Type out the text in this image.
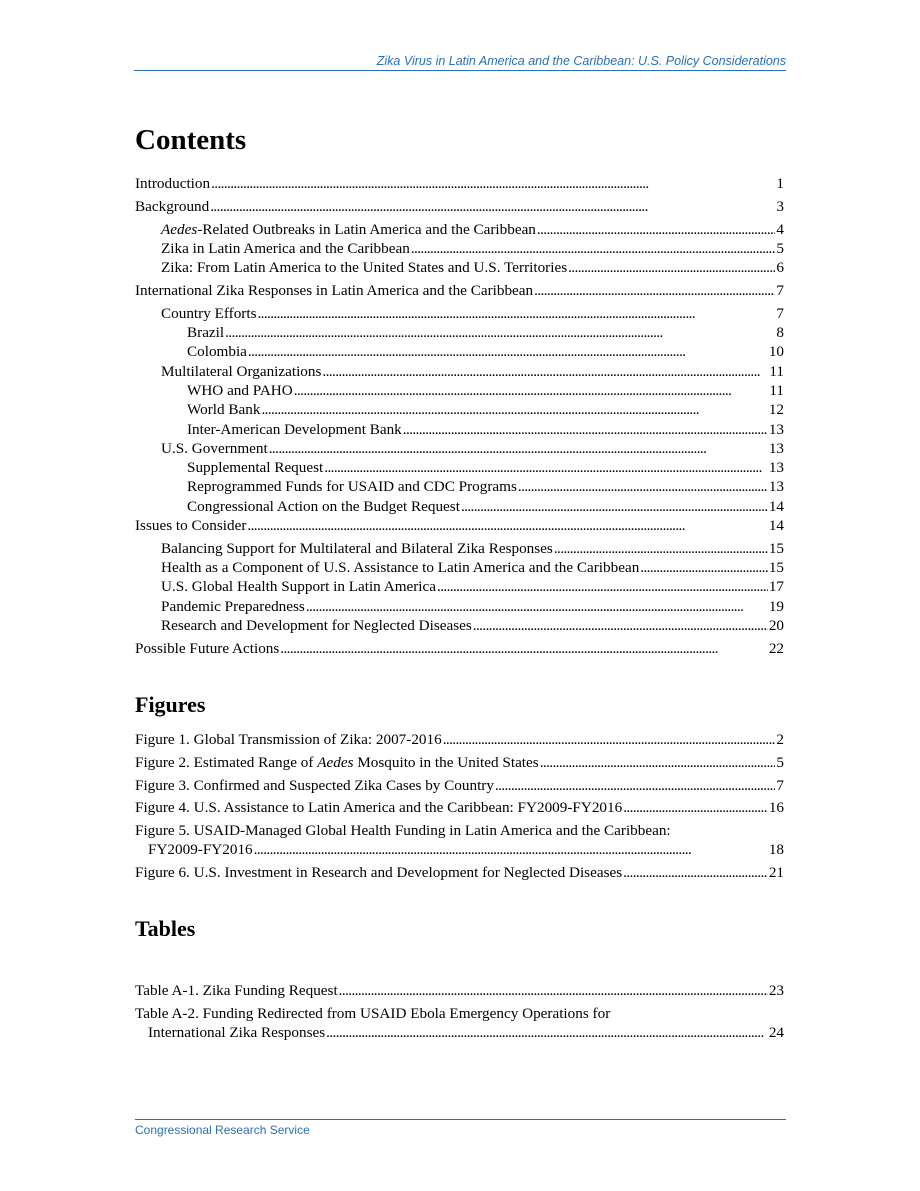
Zika Virus in Latin America and the Caribbean: U.S. Policy Considerations
Contents
Introduction . . .	1
Background . . .	3
Aedes-Related Outbreaks in Latin America and the Caribbean . . .	4
Zika in Latin America and the Caribbean . . .	5
Zika: From Latin America to the United States and U.S. Territories . . .	6
International Zika Responses in Latin America and the Caribbean . . .	7
Country Efforts . . .	7
Brazil . . .	8
Colombia . . .	10
Multilateral Organizations . . .	11
WHO and PAHO . . .	11
World Bank . . .	12
Inter-American Development Bank . . .	13
U.S. Government . . .	13
Supplemental Request . . .	13
Reprogrammed Funds for USAID and CDC Programs . . .	13
Congressional Action on the Budget Request . . .	14
Issues to Consider . . .	14
Balancing Support for Multilateral and Bilateral Zika Responses . . .	15
Health as a Component of U.S. Assistance to Latin America and the Caribbean . . .	15
U.S. Global Health Support in Latin America . . .	17
Pandemic Preparedness . . .	19
Research and Development for Neglected Diseases . . .	20
Possible Future Actions . . .	22
Figures
Figure 1. Global Transmission of Zika: 2007-2016 . . .	2
Figure 2. Estimated Range of Aedes Mosquito in the United States . . .	5
Figure 3. Confirmed and Suspected Zika Cases by Country . . .	7
Figure 4. U.S. Assistance to Latin America and the Caribbean: FY2009-FY2016 . . .	16
Figure 5. USAID-Managed Global Health Funding in Latin America and the Caribbean:
FY2009-FY2016 . . .	18
Figure 6. U.S. Investment in Research and Development for Neglected Diseases . . .	21
Tables
Table A-1. Zika Funding Request . . .	23
Table A-2. Funding Redirected from USAID Ebola Emergency Operations for
International Zika Responses . . .	24
Congressional Research Service
